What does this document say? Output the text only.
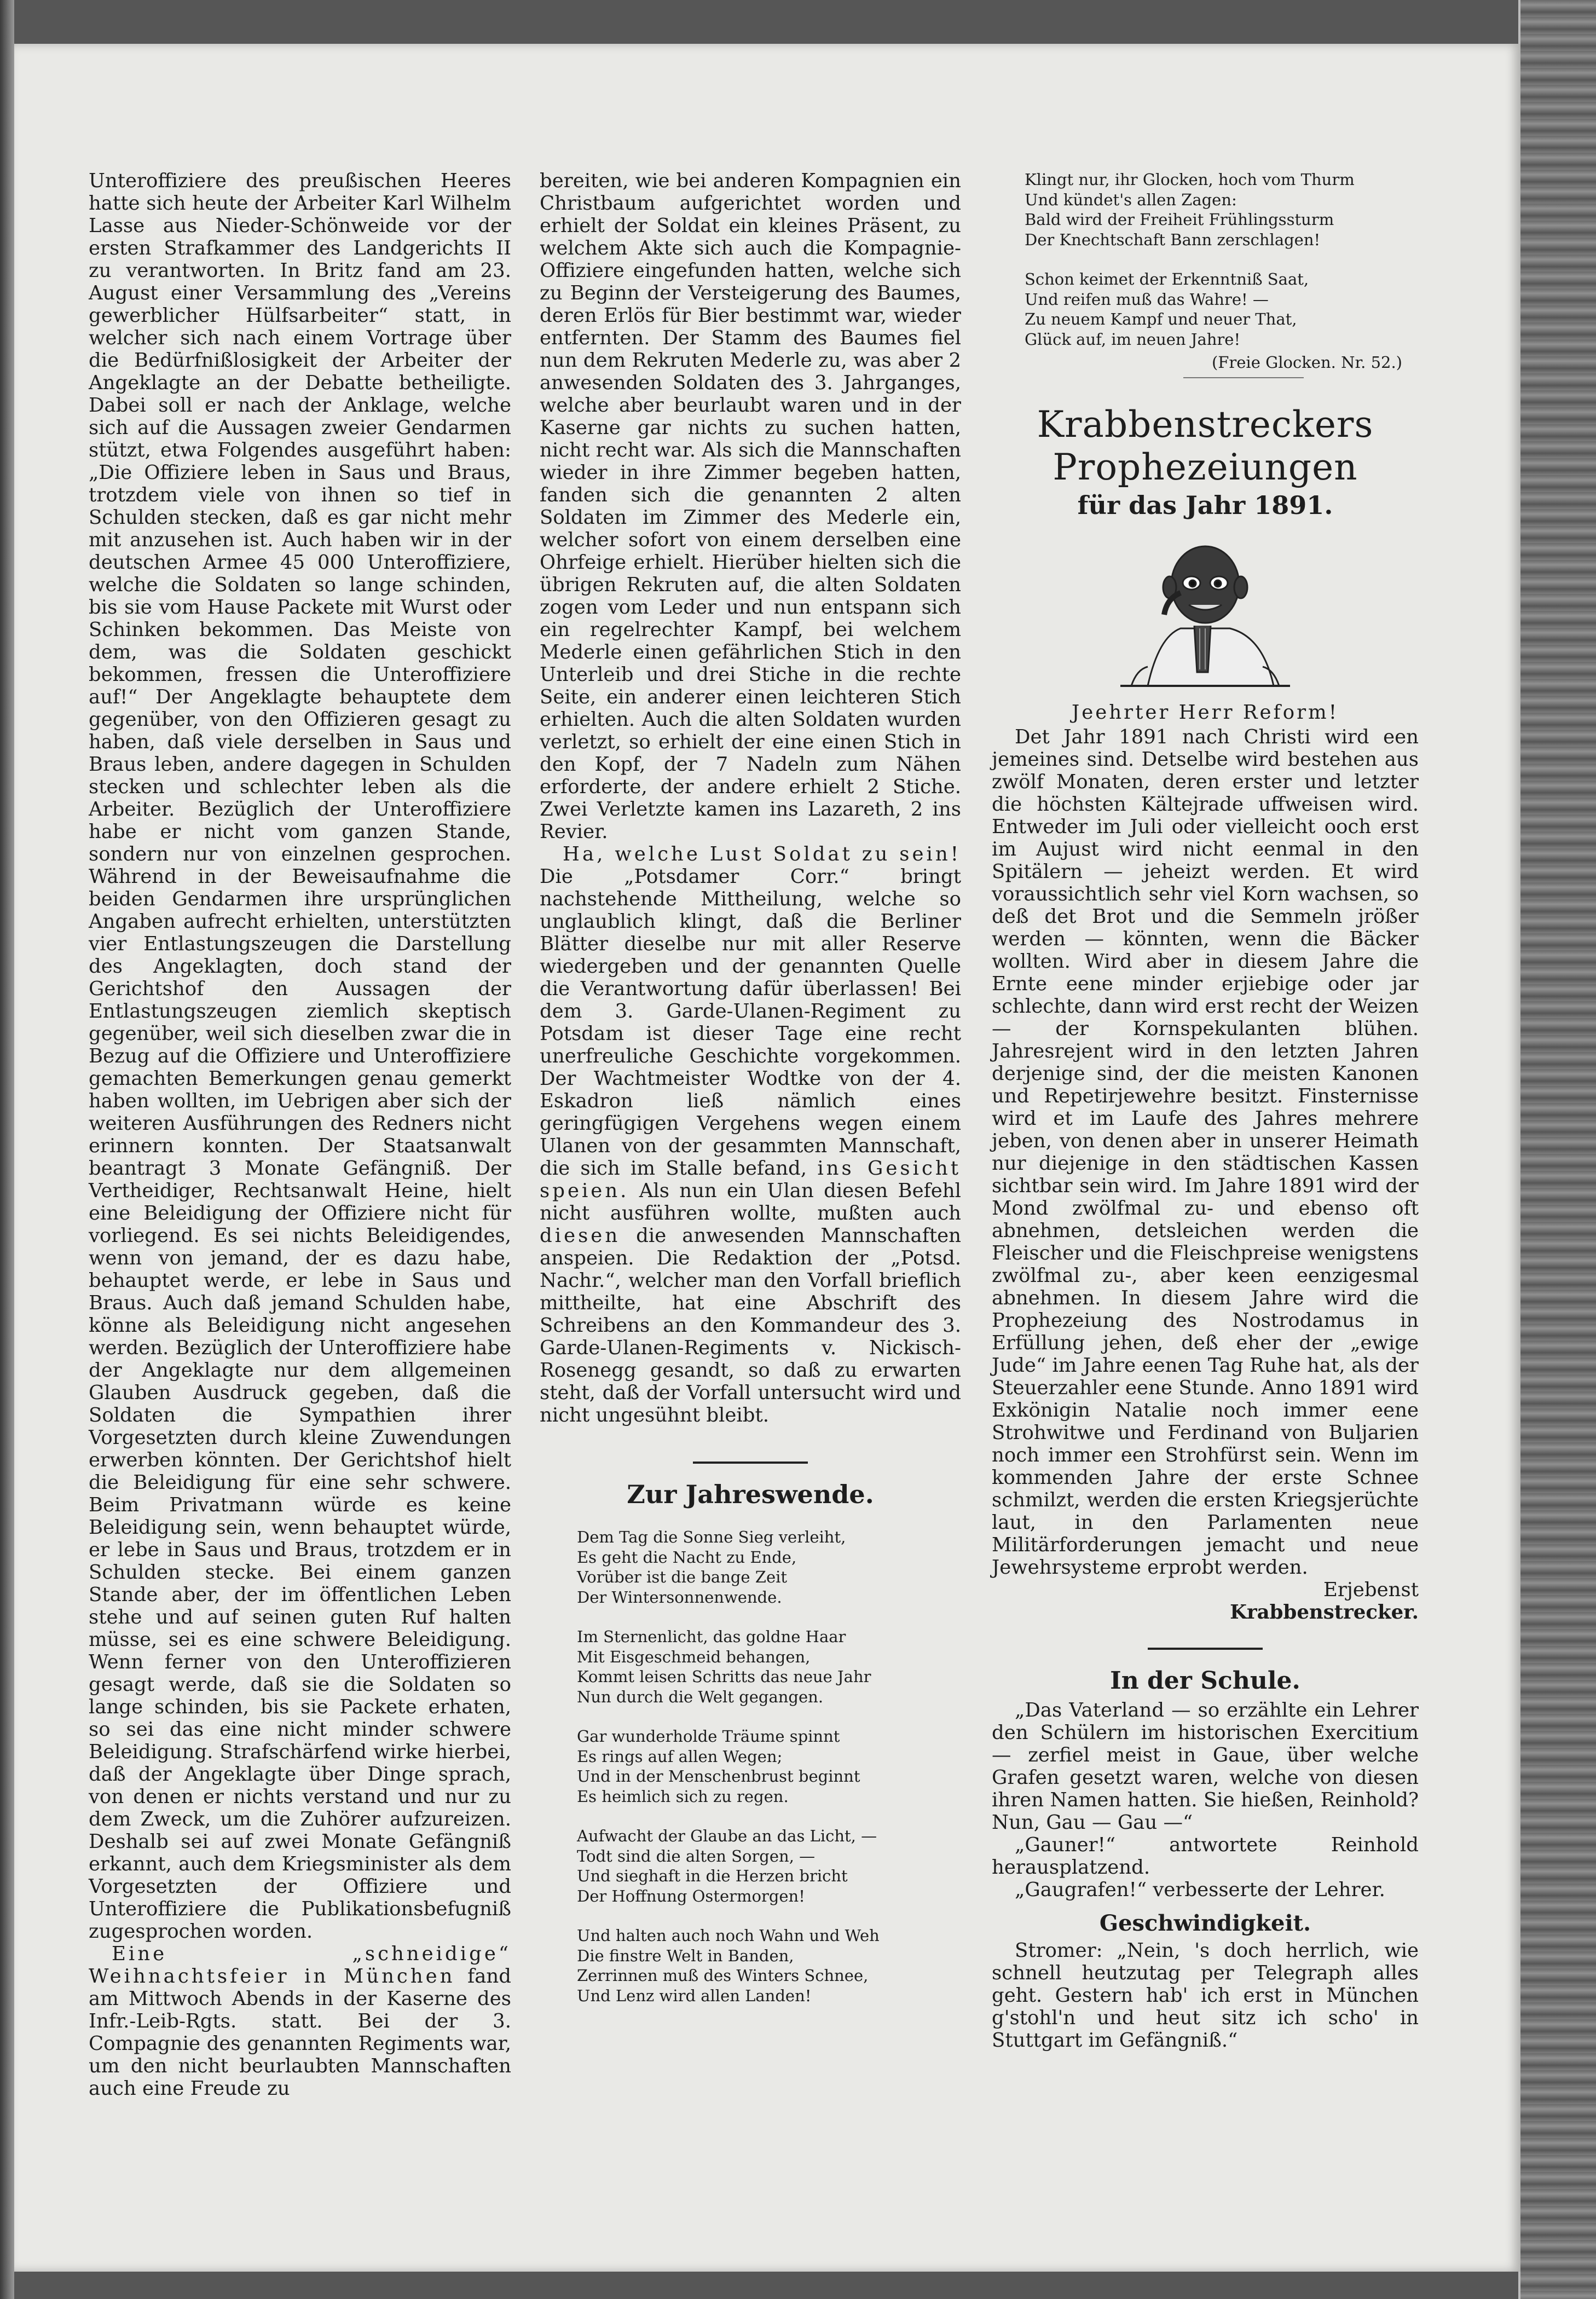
Unteroffiziere des preußischen Heeres hatte sich heute der Arbeiter Karl Wilhelm Lasse aus Nieder-Schönweide vor der ersten Strafkammer des Landgerichts II zu verantworten. In Britz fand am 23. August einer Versammlung des „Vereins gewerblicher Hülfsarbeiter“ statt, in welcher sich nach einem Vortrage über die Bedürfnißlosigkeit der Arbeiter der Angeklagte an der Debatte betheiligte. Dabei soll er nach der Anklage, welche sich auf die Aussagen zweier Gendarmen stützt, etwa Folgendes ausgeführt haben: „Die Offiziere leben in Saus und Braus, trotzdem viele von ihnen so tief in Schulden stecken, daß es gar nicht mehr mit anzusehen ist. Auch haben wir in der deutschen Armee 45 000 Unteroffiziere, welche die Soldaten so lange schinden, bis sie vom Hause Packete mit Wurst oder Schinken bekommen. Das Meiste von dem, was die Soldaten geschickt bekommen, fressen die Unteroffiziere auf!“ Der Angeklagte behauptete dem gegenüber, von den Offizieren gesagt zu haben, daß viele derselben in Saus und Braus leben, andere dagegen in Schulden stecken und schlechter leben als die Arbeiter. Bezüglich der Unteroffiziere habe er nicht vom ganzen Stande, sondern nur von einzelnen gesprochen. Während in der Beweisaufnahme die beiden Gendarmen ihre ursprünglichen Angaben aufrecht erhielten, unterstützten vier Entlastungszeugen die Darstellung des Angeklagten, doch stand der Gerichtshof den Aussagen der Entlastungszeugen ziemlich skeptisch gegenüber, weil sich dieselben zwar die in Bezug auf die Offiziere und Unteroffiziere gemachten Bemerkungen genau gemerkt haben wollten, im Uebrigen aber sich der weiteren Ausführungen des Redners nicht erinnern konnten. Der Staatsanwalt beantragt 3 Monate Gefängniß. Der Vertheidiger, Rechtsanwalt Heine, hielt eine Beleidigung der Offiziere nicht für vorliegend. Es sei nichts Beleidigendes, wenn von jemand, der es dazu habe, behauptet werde, er lebe in Saus und Braus. Auch daß jemand Schulden habe, könne als Beleidigung nicht angesehen werden. Bezüglich der Unteroffiziere habe der Angeklagte nur dem allgemeinen Glauben Ausdruck gegeben, daß die Soldaten die Sympathien ihrer Vorgesetzten durch kleine Zuwendungen erwerben könnten. Der Gerichtshof hielt die Beleidigung für eine sehr schwere. Beim Privatmann würde es keine Beleidigung sein, wenn behauptet würde, er lebe in Saus und Braus, trotzdem er in Schulden stecke. Bei einem ganzen Stande aber, der im öffentlichen Leben stehe und auf seinen guten Ruf halten müsse, sei es eine schwere Beleidigung. Wenn ferner von den Unteroffizieren gesagt werde, daß sie die Soldaten so lange schinden, bis sie Packete erhaten, so sei das eine nicht minder schwere Beleidigung. Strafschärfend wirke hierbei, daß der Angeklagte über Dinge sprach, von denen er nichts verstand und nur zu dem Zweck, um die Zuhörer aufzureizen. Deshalb sei auf zwei Monate Gefängniß erkannt, auch dem Kriegsminister als dem Vorgesetzten der Offiziere und Unteroffiziere die Publikationsbefugniß zugesprochen worden.

Eine „schneidige“ Weihnachtsfeier in München fand am Mittwoch Abends in der Kaserne des Infr.-Leib-Rgts. statt. Bei der 3. Compagnie des genannten Regiments war, um den nicht beurlaubten Mannschaften auch eine Freude zu

bereiten, wie bei anderen Kompagnien ein Christbaum aufgerichtet worden und erhielt der Soldat ein kleines Präsent, zu welchem Akte sich auch die Kompagnie-Offiziere eingefunden hatten, welche sich zu Beginn der Versteigerung des Baumes, deren Erlös für Bier bestimmt war, wieder entfernten. Der Stamm des Baumes fiel nun dem Rekruten Mederle zu, was aber 2 anwesenden Soldaten des 3. Jahrganges, welche aber beurlaubt waren und in der Kaserne gar nichts zu suchen hatten, nicht recht war. Als sich die Mannschaften wieder in ihre Zimmer begeben hatten, fanden sich die genannten 2 alten Soldaten im Zimmer des Mederle ein, welcher sofort von einem derselben eine Ohrfeige erhielt. Hierüber hielten sich die übrigen Rekruten auf, die alten Soldaten zogen vom Leder und nun entspann sich ein regelrechter Kampf, bei welchem Mederle einen gefährlichen Stich in den Unterleib und drei Stiche in die rechte Seite, ein anderer einen leichteren Stich erhielten. Auch die alten Soldaten wurden verletzt, so erhielt der eine einen Stich in den Kopf, der 7 Nadeln zum Nähen erforderte, der andere erhielt 2 Stiche. Zwei Verletzte kamen ins Lazareth, 2 ins Revier.

Ha, welche Lust Soldat zu sein! Die „Potsdamer Corr.“ bringt nachstehende Mittheilung, welche so unglaublich klingt, daß die Berliner Blätter dieselbe nur mit aller Reserve wiedergeben und der genannten Quelle die Verantwortung dafür überlassen! Bei dem 3. Garde-Ulanen-Regiment zu Potsdam ist dieser Tage eine recht unerfreuliche Geschichte vorgekommen. Der Wachtmeister Wodtke von der 4. Eskadron ließ nämlich eines geringfügigen Vergehens wegen einem Ulanen von der gesammten Mannschaft, die sich im Stalle befand, ins Gesicht speien. Als nun ein Ulan diesen Befehl nicht ausführen wollte, mußten auch diesen die anwesenden Mannschaften anspeien. Die Redaktion der „Potsd. Nachr.“, welcher man den Vorfall brieflich mittheilte, hat eine Abschrift des Schreibens an den Kommandeur des 3. Garde-Ulanen-Regiments v. Nickisch-Rosenegg gesandt, so daß zu erwarten steht, daß der Vorfall untersucht wird und nicht ungesühnt bleibt.

Zur Jahreswende.
Dem Tag die Sonne Sieg verleiht,
Es geht die Nacht zu Ende,
Vorüber ist die bange Zeit
Der Wintersonnenwende.
Im Sternenlicht, das goldne Haar
Mit Eisgeschmeid behangen,
Kommt leisen Schritts das neue Jahr
Nun durch die Welt gegangen.
Gar wunderholde Träume spinnt
Es rings auf allen Wegen;
Und in der Menschenbrust beginnt
Es heimlich sich zu regen.
Aufwacht der Glaube an das Licht, —
Todt sind die alten Sorgen, —
Und sieghaft in die Herzen bricht
Der Hoffnung Ostermorgen!
Und halten auch noch Wahn und Weh
Die finstre Welt in Banden,
Zerrinnen muß des Winters Schnee,
Und Lenz wird allen Landen!
Klingt nur, ihr Glocken, hoch vom Thurm
Und kündet's allen Zagen:
Bald wird der Freiheit Frühlingssturm
Der Knechtschaft Bann zerschlagen!
Schon keimet der Erkenntniß Saat,
Und reifen muß das Wahre! —
Zu neuem Kampf und neuer That,
Glück auf, im neuen Jahre!
(Freie Glocken. Nr. 52.)
Krabbenstreckers Prophezeiungen
für das Jahr 1891.
Jeehrter Herr Reform!

Det Jahr 1891 nach Christi wird een jemeines sind. Detselbe wird bestehen aus zwölf Monaten, deren erster und letzter die höchsten Kältejrade uffweisen wird. Entweder im Juli oder vielleicht ooch erst im Aujust wird nicht eenmal in den Spitälern — jeheizt werden. Et wird voraussichtlich sehr viel Korn wachsen, so deß det Brot und die Semmeln jrößer werden — könnten, wenn die Bäcker wollten. Wird aber in diesem Jahre die Ernte eene minder erjiebige oder jar schlechte, dann wird erst recht der Weizen — der Kornspekulanten blühen. Jahresrejent wird in den letzten Jahren derjenige sind, der die meisten Kanonen und Repetirjewehre besitzt. Finsternisse wird et im Laufe des Jahres mehrere jeben, von denen aber in unserer Heimath nur diejenige in den städtischen Kassen sichtbar sein wird. Im Jahre 1891 wird der Mond zwölfmal zu- und ebenso oft abnehmen, detsleichen werden die Fleischer und die Fleischpreise wenigstens zwölfmal zu-, aber keen eenzigesmal abnehmen. In diesem Jahre wird die Prophezeiung des Nostrodamus in Erfüllung jehen, deß eher der „ewige Jude“ im Jahre eenen Tag Ruhe hat, als der Steuerzahler eene Stunde. Anno 1891 wird Exkönigin Natalie noch immer eene Strohwitwe und Ferdinand von Buljarien noch immer een Strohfürst sein. Wenn im kommenden Jahre der erste Schnee schmilzt, werden die ersten Kriegsjerüchte laut, in den Parlamenten neue Militärforderungen jemacht und neue Jewehrsysteme erprobt werden.

Erjebenst

Krabbenstrecker.

In der Schule.

„Das Vaterland — so erzählte ein Lehrer den Schülern im historischen Exercitium — zerfiel meist in Gaue, über welche Grafen gesetzt waren, welche von diesen ihren Namen hatten. Sie hießen, Reinhold? Nun, Gau — Gau —“

„Gauner!“ antwortete Reinhold herausplatzend.

„Gaugrafen!“ verbesserte der Lehrer.

Geschwindigkeit.

Stromer: „Nein, 's doch herrlich, wie schnell heutzutag per Telegraph alles geht. Gestern hab' ich erst in München g'stohl'n und heut sitz ich scho' in Stuttgart im Gefängniß.“
